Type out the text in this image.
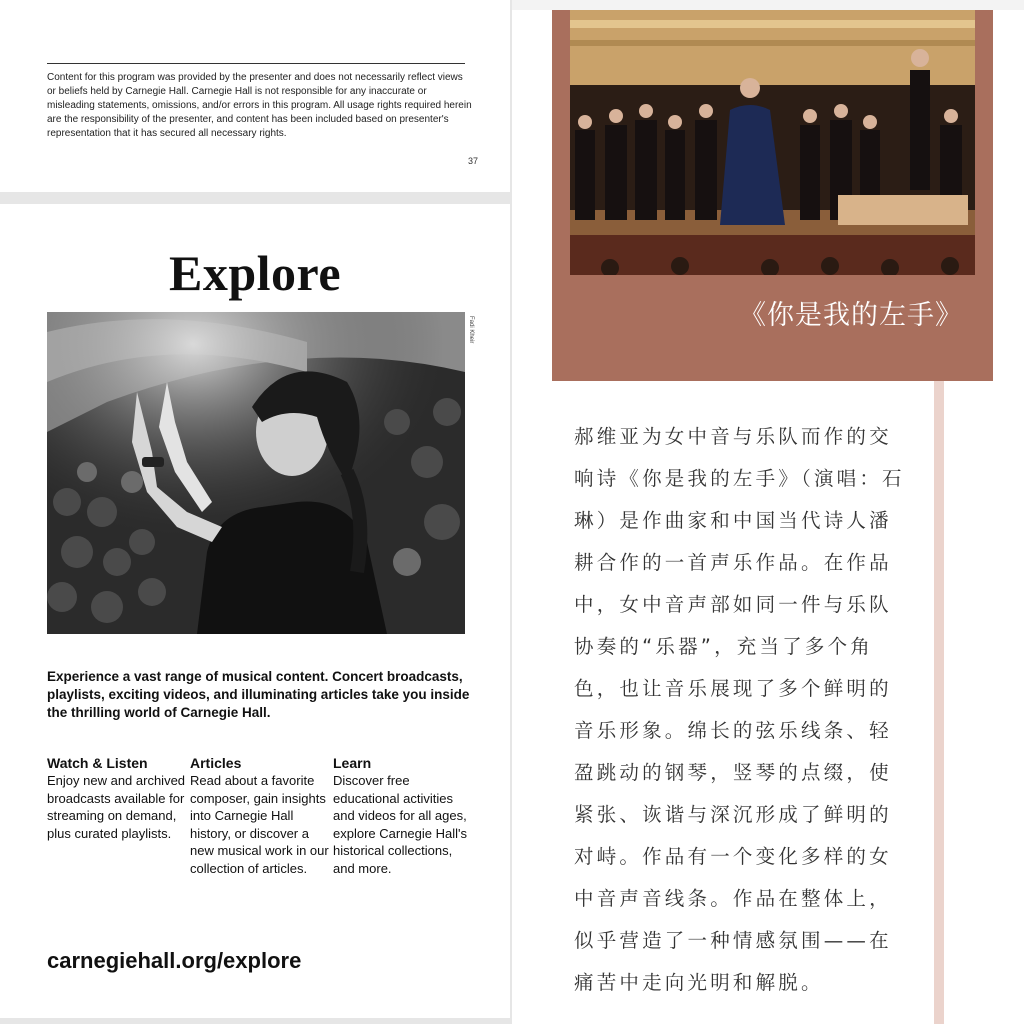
Content for this program was provided by the presenter and does not necessarily reflect views or beliefs held by Carnegie Hall. Carnegie Hall is not responsible for any inaccurate or misleading statements, omissions, and/or errors in this program. All usage rights required herein are the responsibility of the presenter, and content has been included based on presenter's representation that it has secured all necessary rights.
37
Explore
Fadi Kheir
Experience a vast range of musical content. Concert broadcasts, playlists, exciting videos, and illuminating articles take you inside the thrilling world of Carnegie Hall.
Watch & Listen

Enjoy new and archived broadcasts available for streaming on demand, plus curated playlists.

Articles

Read about a favorite composer, gain insights into Carnegie Hall history, or discover a new musical work in our collection of articles.

Learn

Discover free educational activities and videos for all ages, explore Carnegie Hall's historical collections, and more.

carnegiehall.org/explore
《你是我的左手》

郝维亚为女中音与乐队而作的交响诗《你是我的左手》（演唱：石琳）是作曲家和中国当代诗人潘耕合作的一首声乐作品。在作品中，女中音声部如同一件与乐队协奏的“乐器”，充当了多个角色，也让音乐展现了多个鲜明的音乐形象。绵长的弦乐线条、轻盈跳动的钢琴，竖琴的点缀，使紧张、诙谐与深沉形成了鲜明的对峙。作品有一个变化多样的女中音声音线条。作品在整体上，似乎营造了一种情感氛围——在痛苦中走向光明和解脱。
